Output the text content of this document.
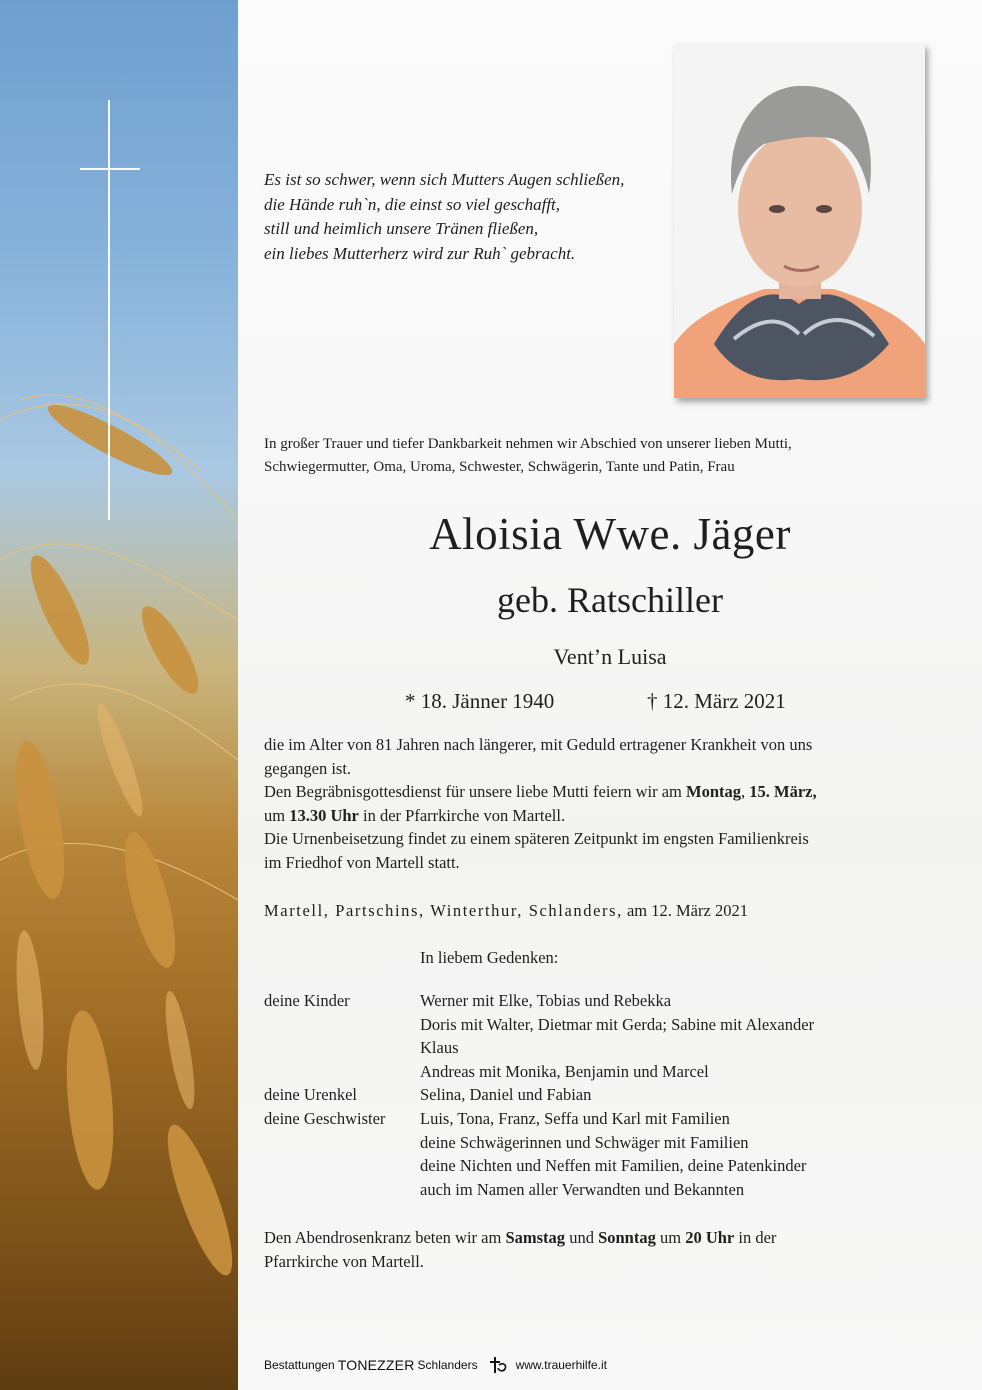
Es ist so schwer, wenn sich Mutters Augen schließen,
die Hände ruh`n, die einst so viel geschafft,
still und heimlich unsere Tränen fließen,
ein liebes Mutterherz wird zur Ruh` gebracht.
In großer Trauer und tiefer Dankbarkeit nehmen wir Abschied von unserer lieben Mutti,
Schwiegermutter, Oma, Uroma, Schwester, Schwägerin, Tante und Patin, Frau
Aloisia Wwe. Jäger
geb. Ratschiller
Vent’n Luisa
* 18. Jänner 1940	† 12. März 2021
die im Alter von 81 Jahren nach längerer, mit Geduld ertragener Krankheit von uns
gegangen ist.
Den Begräbnisgottesdienst für unsere liebe Mutti feiern wir am Montag, 15. März,
um 13.30 Uhr in der Pfarrkirche von Martell.
Die Urnenbeisetzung findet zu einem späteren Zeitpunkt im engsten Familienkreis
im Friedhof von Martell statt.
Martell, Partschins, Winterthur, Schlanders, am 12. März 2021
In liebem Gedenken:
deine Kinder	Werner mit Elke, Tobias und Rebekka
Doris mit Walter, Dietmar mit Gerda; Sabine mit Alexander
Klaus
Andreas mit Monika, Benjamin und Marcel
deine Urenkel	Selina, Daniel und Fabian
deine Geschwister	Luis, Tona, Franz, Seffa und Karl mit Familien
deine Schwägerinnen und Schwäger mit Familien
deine Nichten und Neffen mit Familien, deine Patenkinder
auch im Namen aller Verwandten und Bekannten
Den Abendrosenkranz beten wir am Samstag und Sonntag um 20 Uhr in der
Pfarrkirche von Martell.
Bestattungen TONEZZER Schlanders	www.trauerhilfe.it
